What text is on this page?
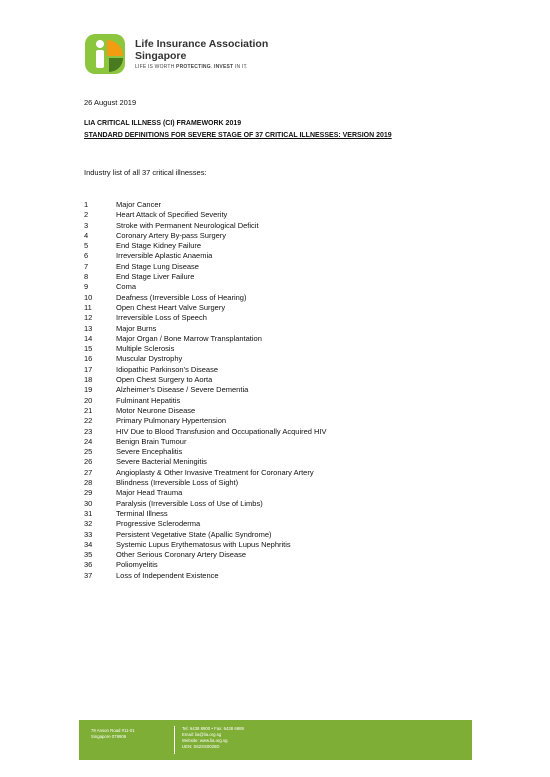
Life Insurance Association
Singapore
LIFE IS WORTH PROTECTING. INVEST IN IT.
26 August 2019
LIA CRITICAL ILLNESS (CI) FRAMEWORK 2019
STANDARD DEFINITIONS FOR SEVERE STAGE OF 37 CRITICAL ILLNESSES: VERSION 2019
Industry list of all 37 critical illnesses:
1	Major Cancer
2	Heart Attack of Specified Severity
3	Stroke with Permanent Neurological Deficit
4	Coronary Artery By-pass Surgery
5	End Stage Kidney Failure
6	Irreversible Aplastic Anaemia
7	End Stage Lung Disease
8	End Stage Liver Failure
9	Coma
10	Deafness (Irreversible Loss of Hearing)
11	Open Chest Heart Valve Surgery
12	Irreversible Loss of Speech
13	Major Burns
14	Major Organ / Bone Marrow Transplantation
15	Multiple Sclerosis
16	Muscular Dystrophy
17	Idiopathic Parkinson’s Disease
18	Open Chest Surgery to Aorta
19	Alzheimer’s Disease / Severe Dementia
20	Fulminant Hepatitis
21	Motor Neurone Disease
22	Primary Pulmonary Hypertension
23	HIV Due to Blood Transfusion and Occupationally Acquired HIV
24	Benign Brain Tumour
25	Severe Encephalitis
26	Severe Bacterial Meningitis
27	Angioplasty & Other Invasive Treatment for Coronary Artery
28	Blindness (Irreversible Loss of Sight)
29	Major Head Trauma
30	Paralysis (Irreversible Loss of Use of Limbs)
31	Terminal Illness
32	Progressive Scleroderma
33	Persistent Vegetative State (Apallic Syndrome)
34	Systemic Lupus Erythematosus with Lupus Nephritis
35	Other Serious Coronary Artery Disease
36	Poliomyelitis
37	Loss of Independent Existence
79 Anson Road #11-01
Singapore 079906
Tel: 6438 8900 • Fax: 6438 6989
Email: lia@lia.org.sg
Website: www.lia.org.sg
UEN: S62SS0026D
